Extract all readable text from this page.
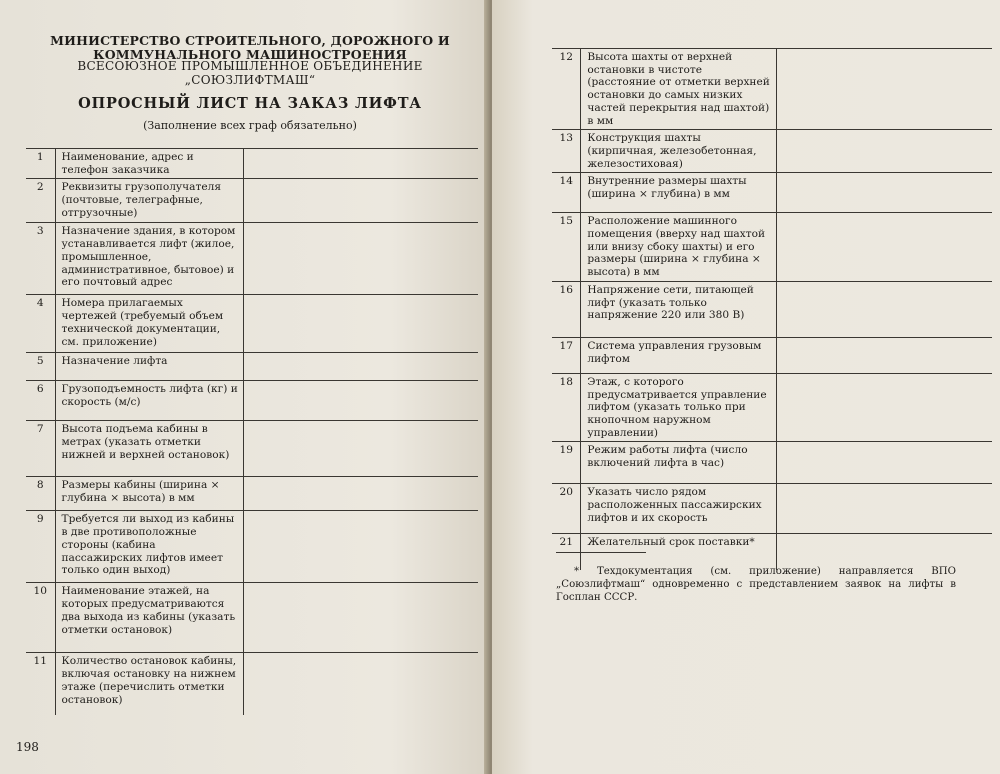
МИНИСТЕРСТВО СТРОИТЕЛЬНОГО, ДОРОЖНОГО И КОММУНАЛЬНОГО МАШИНОСТРОЕНИЯ
ВСЕСОЮЗНОЕ ПРОМЫШЛЕННОЕ ОБЪЕДИНЕНИЕ „СОЮЗЛИФТМАШ“
ОПРОСНЫЙ ЛИСТ НА ЗАКАЗ ЛИФТА
(Заполнение всех граф обязательно)
1	Наименование, адрес и телефон заказчика	
2	Реквизиты грузополучателя (почтовые, телеграфные, отгрузочные)	
3	Назначение здания, в котором устанавливается лифт (жилое, промышленное, административное, бытовое) и его почтовый адрес	
4	Номера прилагаемых чертежей (требуемый объем технической документации, см. приложение)	
5	Назначение лифта	
6	Грузоподъемность лифта (кг) и скорость (м/с)	
7	Высота подъема кабины в метрах (указать отметки нижней и верхней остановок)	
8	Размеры кабины (ширина × глубина × высота) в мм	
9	Требуется ли выход из кабины в две противоположные стороны (кабина пассажирских лифтов имеет только один выход)	
10	Наименование этажей, на которых предусматриваются два выхода из кабины (указать отметки остановок)	
11	Количество остановок кабины, включая остановку на нижнем этаже (перечислить отметки остановок)	
198
12	Высота шахты от верхней остановки в чистоте (расстояние от отметки верхней остановки до самых низких частей перекрытия над шахтой) в мм	
13	Конструкция шахты (кирпичная, железобетонная, железостиховая)	
14	Внутренние размеры шахты (ширина × глубина) в мм	
15	Расположение машинного помещения (вверху над шахтой или внизу сбоку шахты) и его размеры (ширина × глубина × высота) в мм	
16	Напряжение сети, питающей лифт (указать только напряжение 220 или 380 В)	
17	Система управления грузовым лифтом	
18	Этаж, с которого предусматривается управление лифтом (указать только при кнопочном наружном управлении)	
19	Режим работы лифта (число включений лифта в час)	
20	Указать число рядом расположенных пассажирских лифтов и их скорость	
21	Желательный срок поставки*	
* Техдокументация (см. приложение) направляется ВПО „Союзлифтмаш“ одновременно с представлением заявок на лифты в Госплан СССР.
